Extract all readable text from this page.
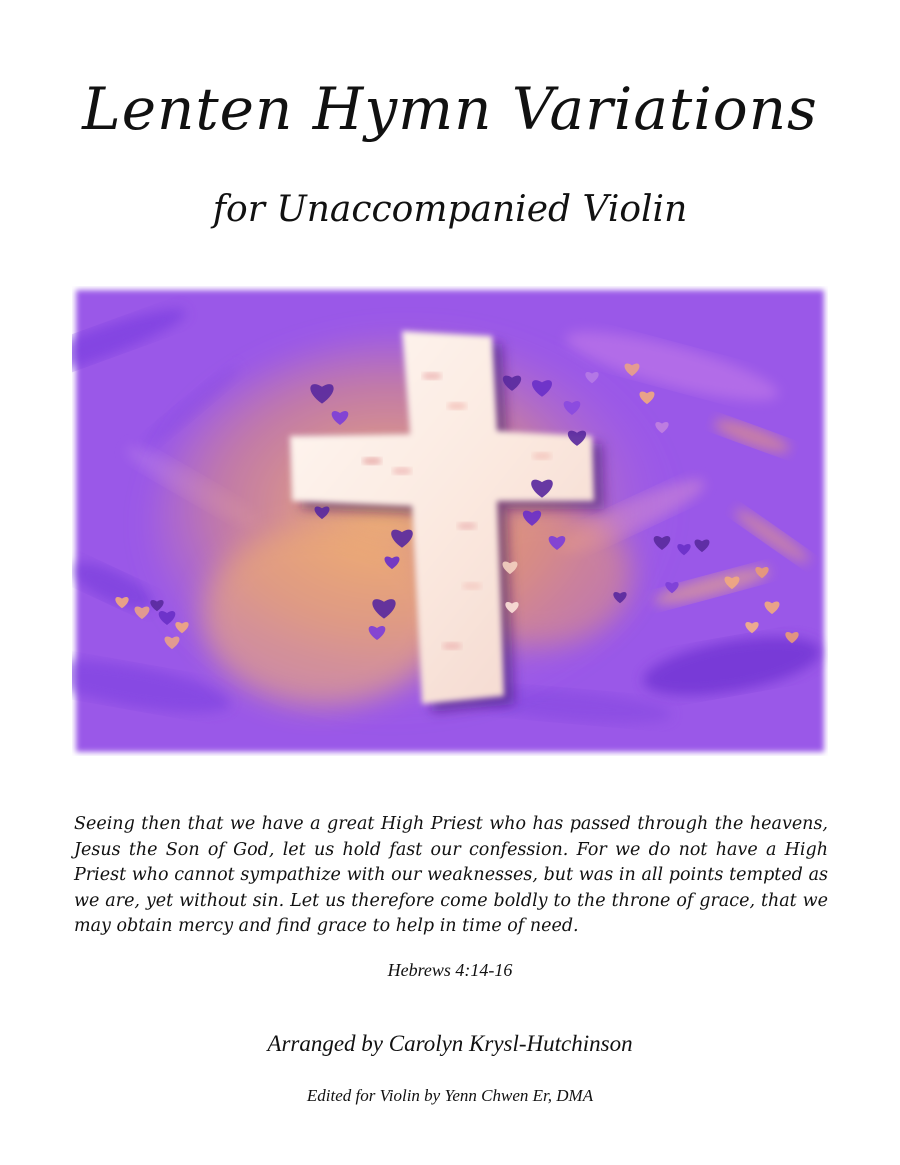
Lenten Hymn Variations
for Unaccompanied Violin
Seeing then that we have a great High Priest who has passed through the heavens, Jesus the Son of God, let us hold fast our confession. For we do not have a High Priest who cannot sympathize with our weaknesses, but was in all points tempted as we are, yet without sin. Let us therefore come boldly to the throne of grace, that we may obtain mercy and find grace to help in time of need.
Hebrews 4:14-16
Arranged by Carolyn Krysl-Hutchinson
Edited for Violin by Yenn Chwen Er, DMA
